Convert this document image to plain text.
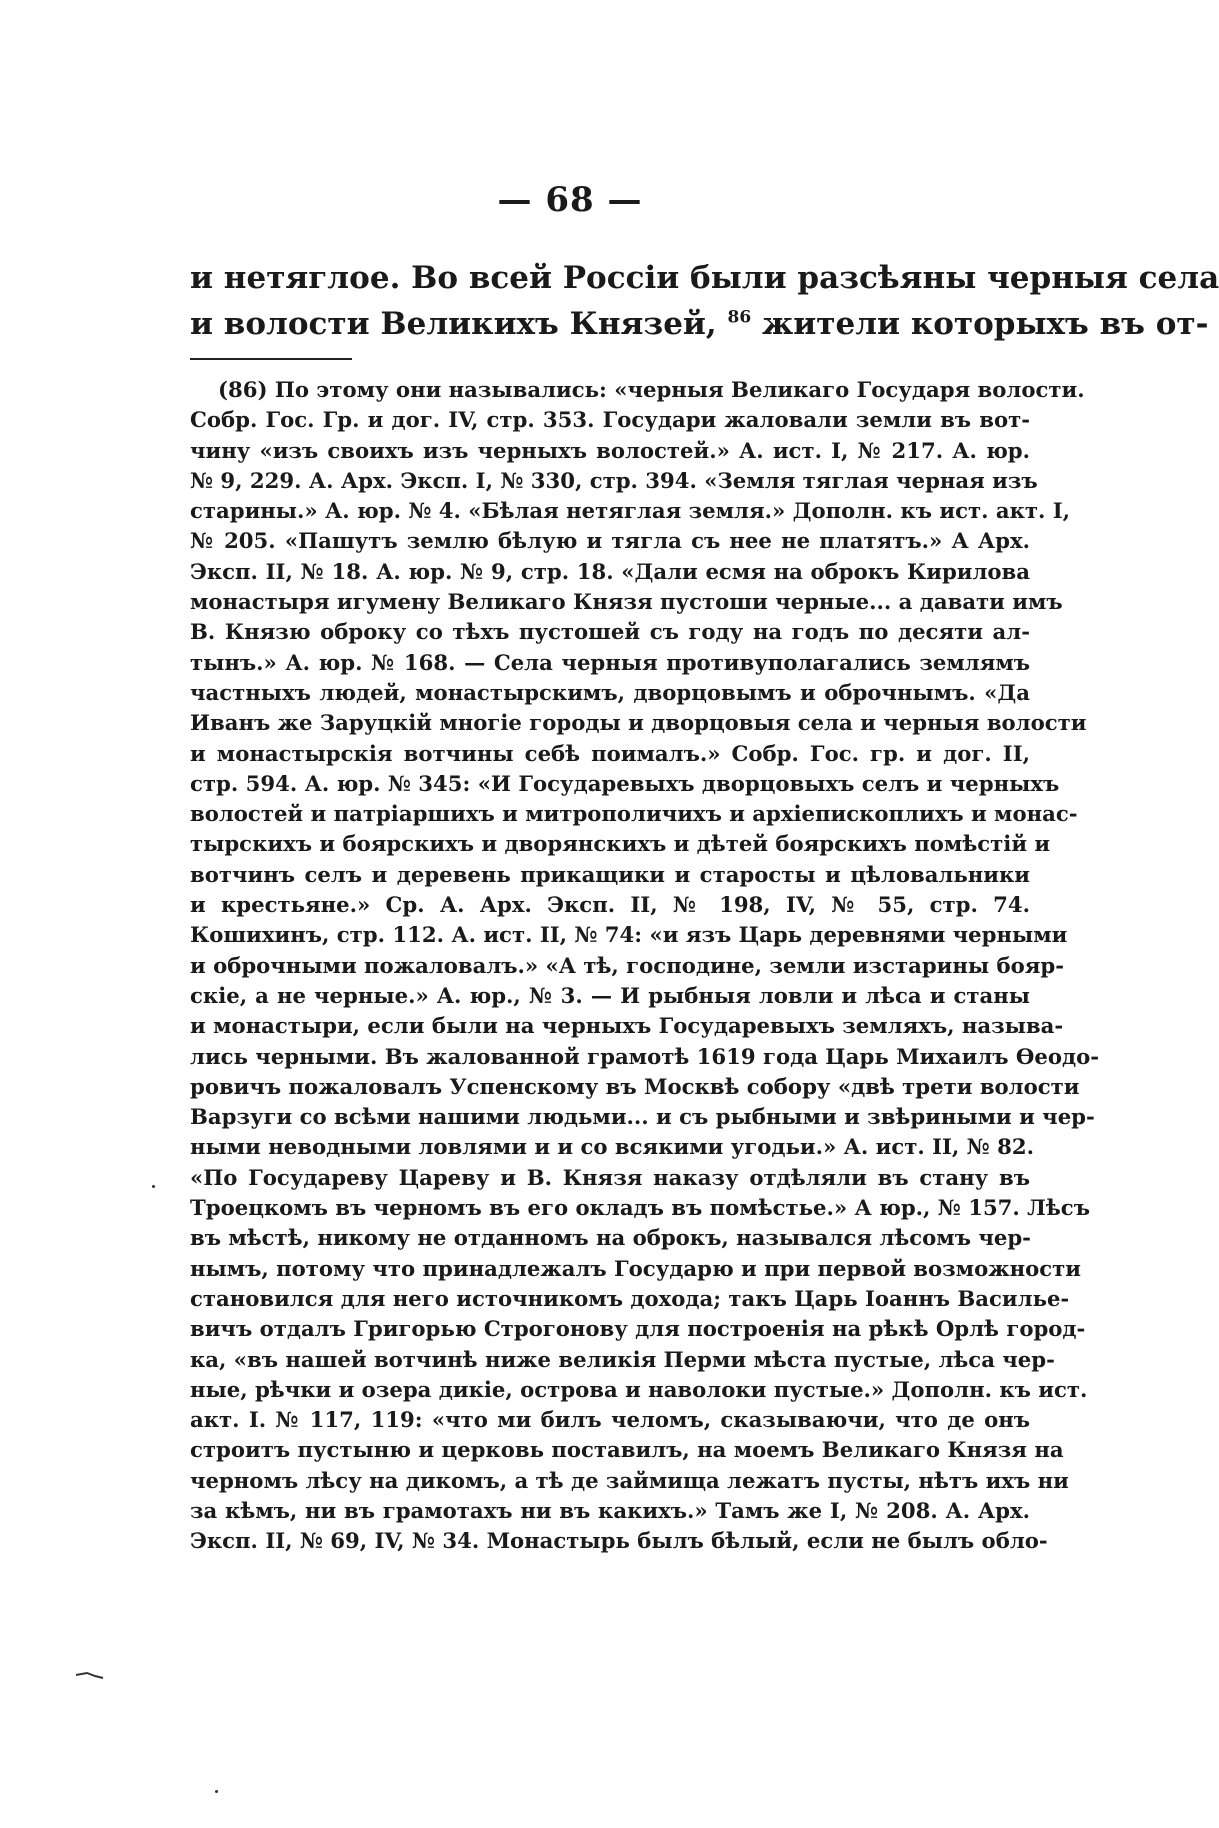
— 68 —
и нетяглое. Во всей Россіи были разсѣяны черныя села
и волости Великихъ Князей, $^{86}$ жители которыхъ въ от-
(86) По этому они назывались: «черныя Великаго Государя волости.
Собр. Гос. Гр. и дог. IV, стр. 353. Государи жаловали земли въ вот-
чину «изъ своихъ изъ черныхъ волостей.» А. ист. I, № 217. А. юр.
№ 9, 229. А. Арх. Эксп. I, № 330, стр. 394. «Земля тяглая черная изъ
старины.» А. юр. № 4. «Бѣлая нетяглая земля.» Дополн. къ ист. акт. I,
№ 205. «Пашутъ землю бѣлую и тягла съ нее не платятъ.» А Арх.
Эксп. II, № 18. А. юр. № 9, стр. 18. «Дали есмя на оброкъ Кирилова
монастыря игумену Великаго Князя пустоши черные... а давати имъ
В. Князю оброку со тѣхъ пустошей съ году на годъ по десяти ал-
тынъ.» А. юр. № 168. — Села черныя противуполагались землямъ
частныхъ людей, монастырскимъ, дворцовымъ и оброчнымъ. «Да
Иванъ же Заруцкій многіе городы и дворцовыя села и черныя волости
и монастырскія вотчины себѣ поималъ.» Собр. Гос. гр. и дог. II,
стр. 594. А. юр. № 345: «И Государевыхъ дворцовыхъ селъ и черныхъ
волостей и патріаршихъ и митрополичихъ и архіепископлихъ и монас-
тырскихъ и боярскихъ и дворянскихъ и дѣтей боярскихъ помѣстій и
вотчинъ селъ и деревень прикащики и старосты и цѣловальники
и крестьяне.» Ср. А. Арх. Эксп. II, № 198, IV, № 55, стр. 74.
Кошихинъ, стр. 112. А. ист. II, № 74: «и язъ Царь деревнями черными
и оброчными пожаловалъ.» «А тѣ, господине, земли изстарины бояр-
скіе, а не черные.» А. юр., № 3. — И рыбныя ловли и лѣса и станы
и монастыри, если были на черныхъ Государевыхъ земляхъ, называ-
лись черными. Въ жалованной грамотѣ 1619 года Царь Михаилъ Ѳеодо-
ровичъ пожаловалъ Успенскому въ Москвѣ собору «двѣ трети волости
Варзуги со всѣми нашими людьми... и съ рыбными и звѣриными и чер-
ными неводными ловлями и и со всякими угодьи.» А. ист. II, № 82.
«По Государеву Цареву и В. Князя наказу отдѣляли въ стану въ
Троецкомъ въ черномъ въ его окладъ въ помѣстье.» А юр., № 157. Лѣсъ
въ мѣстѣ, никому не отданномъ на оброкъ, назывался лѣсомъ чер-
нымъ, потому что принадлежалъ Государю и при первой возможности
становился для него источникомъ дохода; такъ Царь Іоаннъ Василье-
вичъ отдалъ Григорью Строгонову для построенія на рѣкѣ Орлѣ город-
ка, «въ нашей вотчинѣ ниже великія Перми мѣста пустые, лѣса чер-
ные, рѣчки и озера дикіе, острова и наволоки пустые.» Дополн. къ ист.
акт. I. № 117, 119: «что ми билъ челомъ, сказываючи, что де онъ
строитъ пустыню и церковь поставилъ, на моемъ Великаго Князя на
черномъ лѣсу на дикомъ, а тѣ де займища лежатъ пусты, нѣтъ ихъ ни
за кѣмъ, ни въ грамотахъ ни въ какихъ.» Тамъ же I, № 208. А. Арх.
Эксп. II, № 69, IV, № 34. Монастырь былъ бѣлый, если не былъ обло-
